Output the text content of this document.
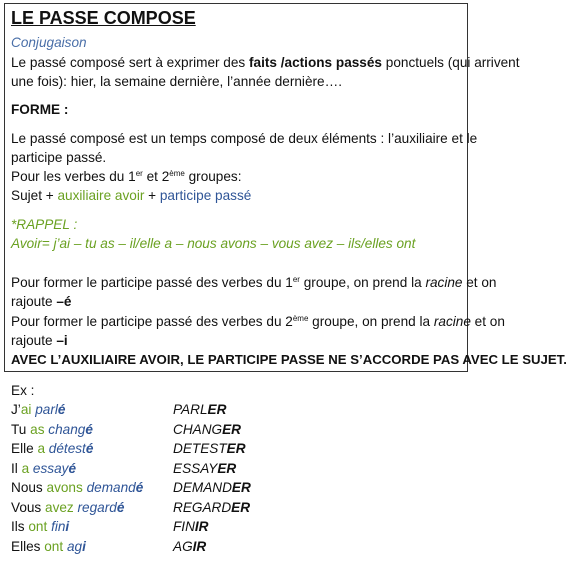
LE PASSE COMPOSE
Conjugaison
Le passé composé sert à exprimer des faits /actions passés ponctuels (qui arrivent
une fois): hier, la semaine dernière, l’année dernière….
FORME :
Le passé composé est un temps composé de deux éléments : l’auxiliaire et le
participe passé.
Pour les verbes du 1er et 2ème groupes:
Sujet + auxiliaire avoir + participe passé
*RAPPEL :
Avoir= j’ai – tu as – il/elle a – nous avons – vous avez – ils/elles ont
Pour former le participe passé des verbes du 1er groupe, on prend la racine et on
rajoute –é
Pour former le participe passé des verbes du 2ème groupe, on prend la racine et on
rajoute –i
AVEC L’AUXILIAIRE AVOIR, LE PARTICIPE PASSE NE S’ACCORDE PAS AVEC LE SUJET.
Ex :
J’ai parlé	PARLER
Tu as changé	CHANGER
Elle a détesté	DETESTER
Il a essayé	ESSAYER
Nous avons demandé DEMANDER
Vous avez regardé	REGARDER
Ils ont fini	FINIR
Elles ont agi	AGIR
